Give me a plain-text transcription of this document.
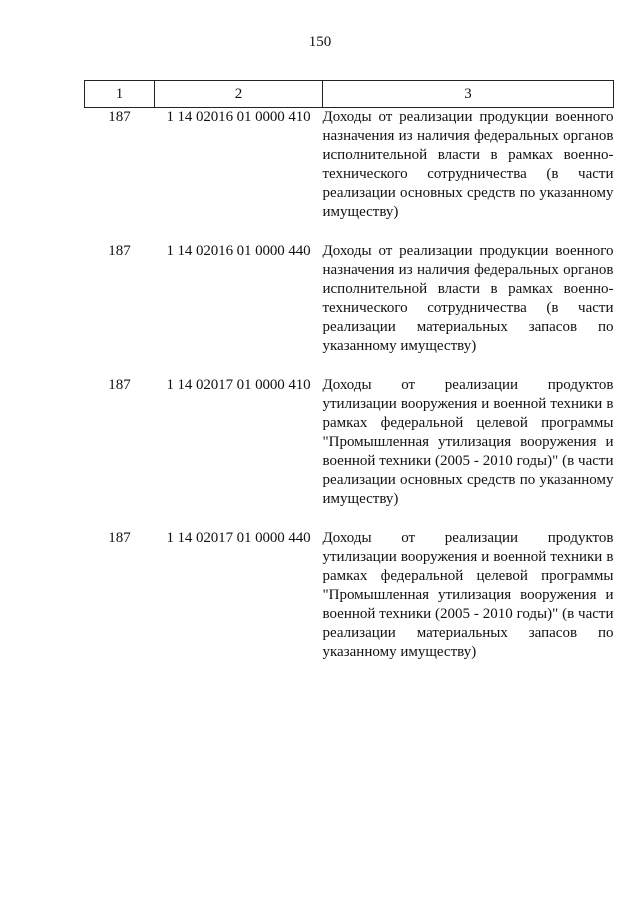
150
1	2	3
187	1 14 02016 01 0000 410	Доходы от реализации продукции военного назначения из наличия федеральных органов исполнительной власти в рамках военно-технического сотрудничества (в части реализации основных средств по указанному имуществу)
187	1 14 02016 01 0000 440	Доходы от реализации продукции военного назначения из наличия федеральных органов исполнительной власти в рамках военно-технического сотрудничества (в части реализации материальных запасов по указанному имуществу)
187	1 14 02017 01 0000 410	Доходы от реализации продуктов утилизации вооружения и военной техники в рамках федеральной целевой программы "Промышленная утилизация вооружения и военной техники (2005 - 2010 годы)" (в части реализации основных средств по указанному имуществу)
187	1 14 02017 01 0000 440	Доходы от реализации продуктов утилизации вооружения и военной техники в рамках федеральной целевой программы "Промышленная утилизация вооружения и военной техники (2005 - 2010 годы)" (в части реализации материальных запасов по указанному имуществу)
